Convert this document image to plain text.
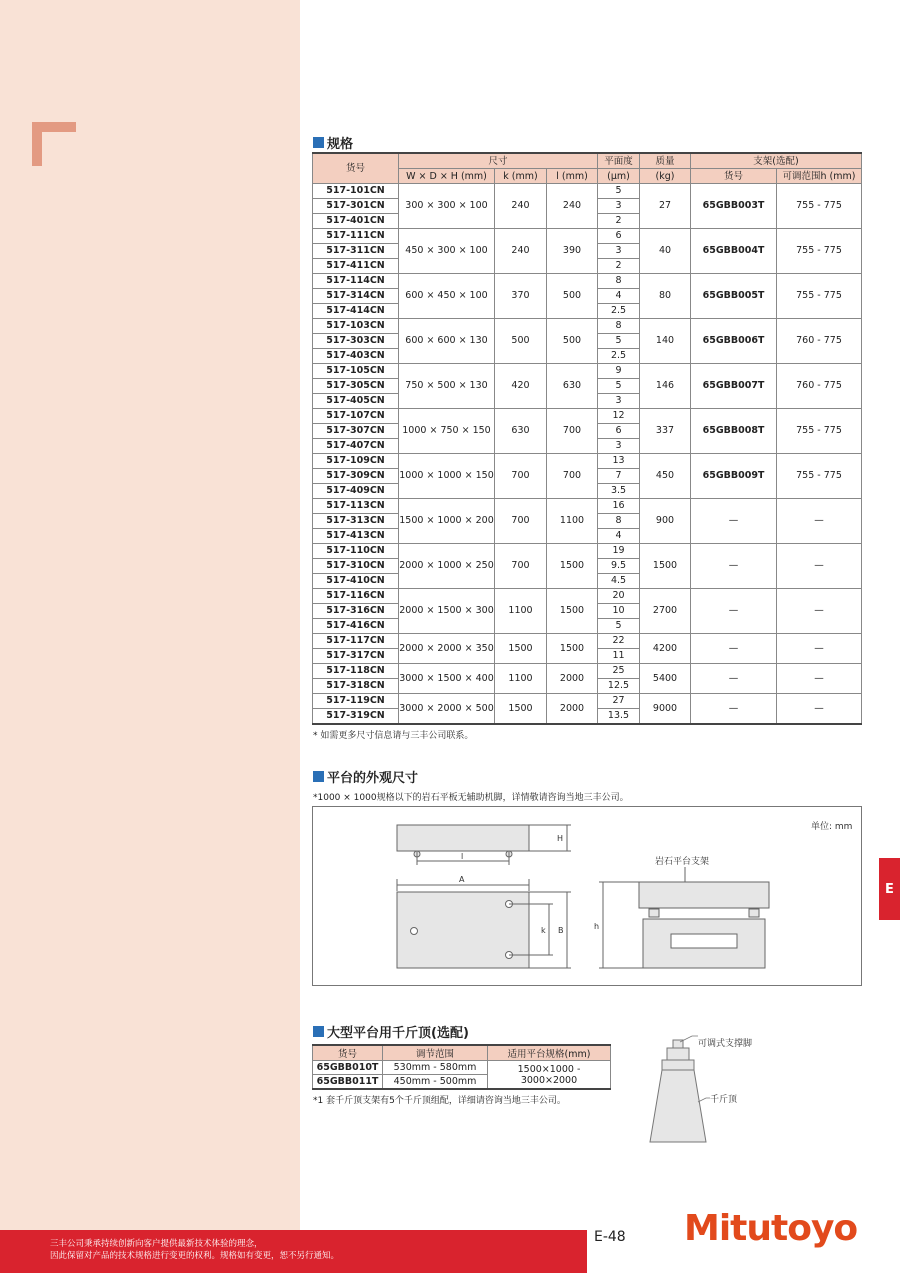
规格
货号	尺寸			平面度	质量	支架(选配)	
	W × D × H (mm)	k (mm)	l (mm)	(µm)	(kg)	货号	可调范围h (mm)
517-101CN	300 × 300 × 100	240	240	5	27	65GBB003T	755 - 775
517-301CN				3			
517-401CN				2			
517-111CN	450 × 300 × 100	240	390	6	40	65GBB004T	755 - 775
517-311CN				3			
517-411CN				2			
517-114CN	600 × 450 × 100	370	500	8	80	65GBB005T	755 - 775
517-314CN				4			
517-414CN				2.5			
517-103CN	600 × 600 × 130	500	500	8	140	65GBB006T	760 - 775
517-303CN				5			
517-403CN				2.5			
517-105CN	750 × 500 × 130	420	630	9	146	65GBB007T	760 - 775
517-305CN				5			
517-405CN				3			
517-107CN	1000 × 750 × 150	630	700	12	337	65GBB008T	755 - 775
517-307CN				6			
517-407CN				3			
517-109CN	1000 × 1000 × 150	700	700	13	450	65GBB009T	755 - 775
517-309CN				7			
517-409CN				3.5			
517-113CN	1500 × 1000 × 200	700	1100	16	900	—	—
517-313CN				8			
517-413CN				4			
517-110CN	2000 × 1000 × 250	700	1500	19	1500	—	—
517-310CN				9.5			
517-410CN				4.5			
517-116CN	2000 × 1500 × 300	1100	1500	20	2700	—	—
517-316CN				10			
517-416CN				5			
517-117CN	2000 × 2000 × 350	1500	1500	22	4200	—	—
517-317CN				11			
517-118CN	3000 × 1500 × 400	1100	2000	25	5400	—	—
517-318CN				12.5			
517-119CN	3000 × 2000 × 500	1500	2000	27	9000	—	—
517-319CN				13.5			
* 如需更多尺寸信息请与三丰公司联系。
平台的外观尺寸
*1000 × 1000规格以下的岩石平板无辅助机脚，详情敬请咨询当地三丰公司。
H
l
A
k B	h
岩石平台支架
单位: mm
大型平台用千斤顶(选配)
货号	调节范围	适用平台规格(mm)
65GBB010T	530mm - 580mm	1500×1000 - 3000×2000
65GBB011T	450mm - 500mm	
*1 套千斤顶支架有5个千斤顶组配，详细请咨询当地三丰公司。
可调式支撑脚
千斤顶
E
三丰公司秉承持续创新向客户提供最新技术体验的理念，
因此保留对产品的技术规格进行变更的权利。规格如有变更，恕不另行通知。
E-48 Mitutoyo
